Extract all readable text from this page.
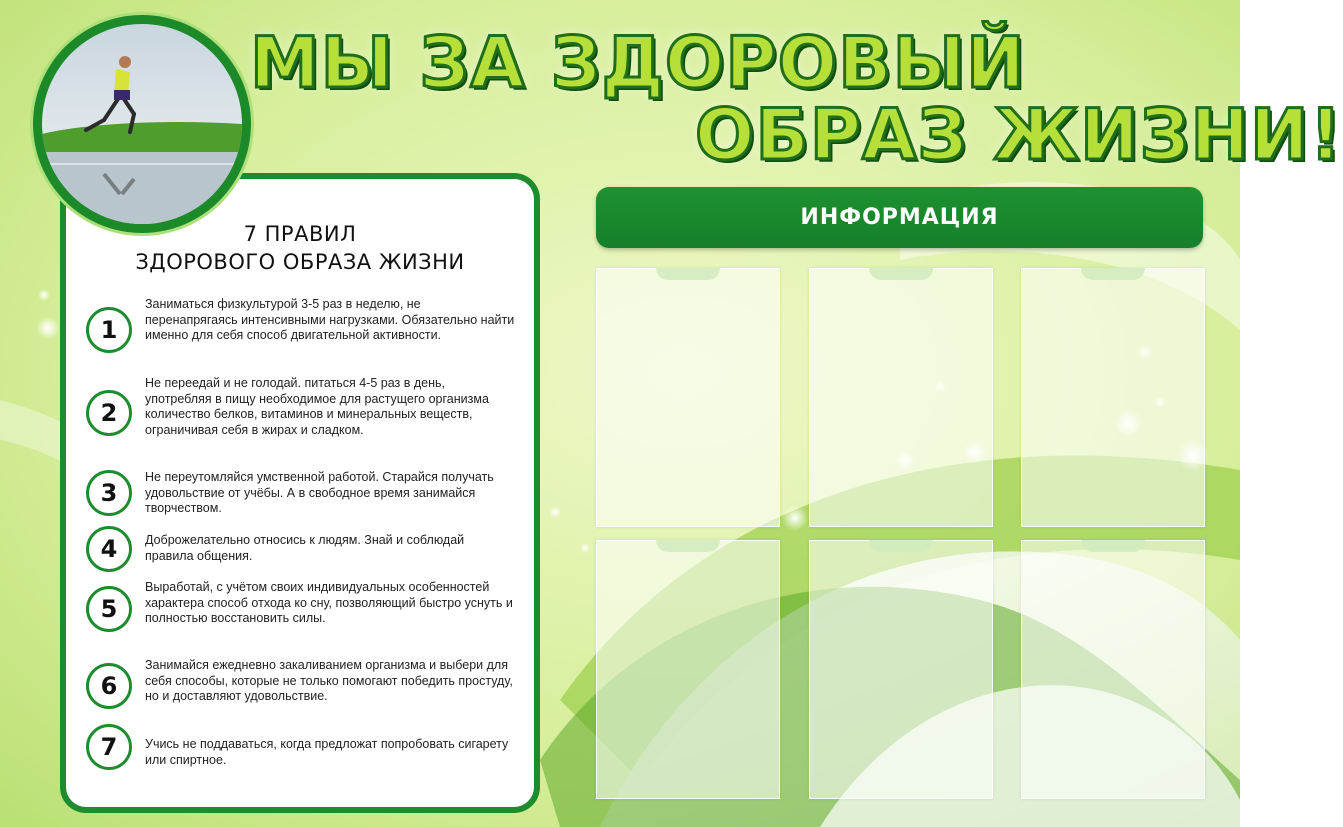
МЫ ЗА ЗДОРОВЫЙ
ОБРАЗ ЖИЗНИ!
7 ПРАВИЛ
ЗДОРОВОГО ОБРАЗА ЖИЗНИ
1
Заниматься физкультурой 3-5 раз в неделю, не перенапрягаясь интенсивными нагрузками. Обязательно найти именно для себя способ двигательной активности.
2
Не переедай и не голодай. питаться 4-5 раз в день, употребляя в пищу необходимое для растущего организма количество белков, витаминов и минеральных веществ, ограничивая себя в жирах и сладком.
3
Не переутомляйся умственной работой. Старайся получать удовольствие от учёбы. А в свободное время занимайся творчеством.
4	Доброжелательно относись к людям. Знай и соблюдай правила общения.
5
Выработай, с учётом своих индивидуальных особенностей характера способ отхода ко сну, позволяющий быстро уснуть и полностью восстановить силы.
6
Занимайся ежедневно закаливанием организма и выбери для себя способы, которые не только помогают победить простуду, но и доставляют удовольствие.
7	Учись не поддаваться, когда предложат попробовать сигарету или спиртное.
ИНФОРМАЦИЯ
